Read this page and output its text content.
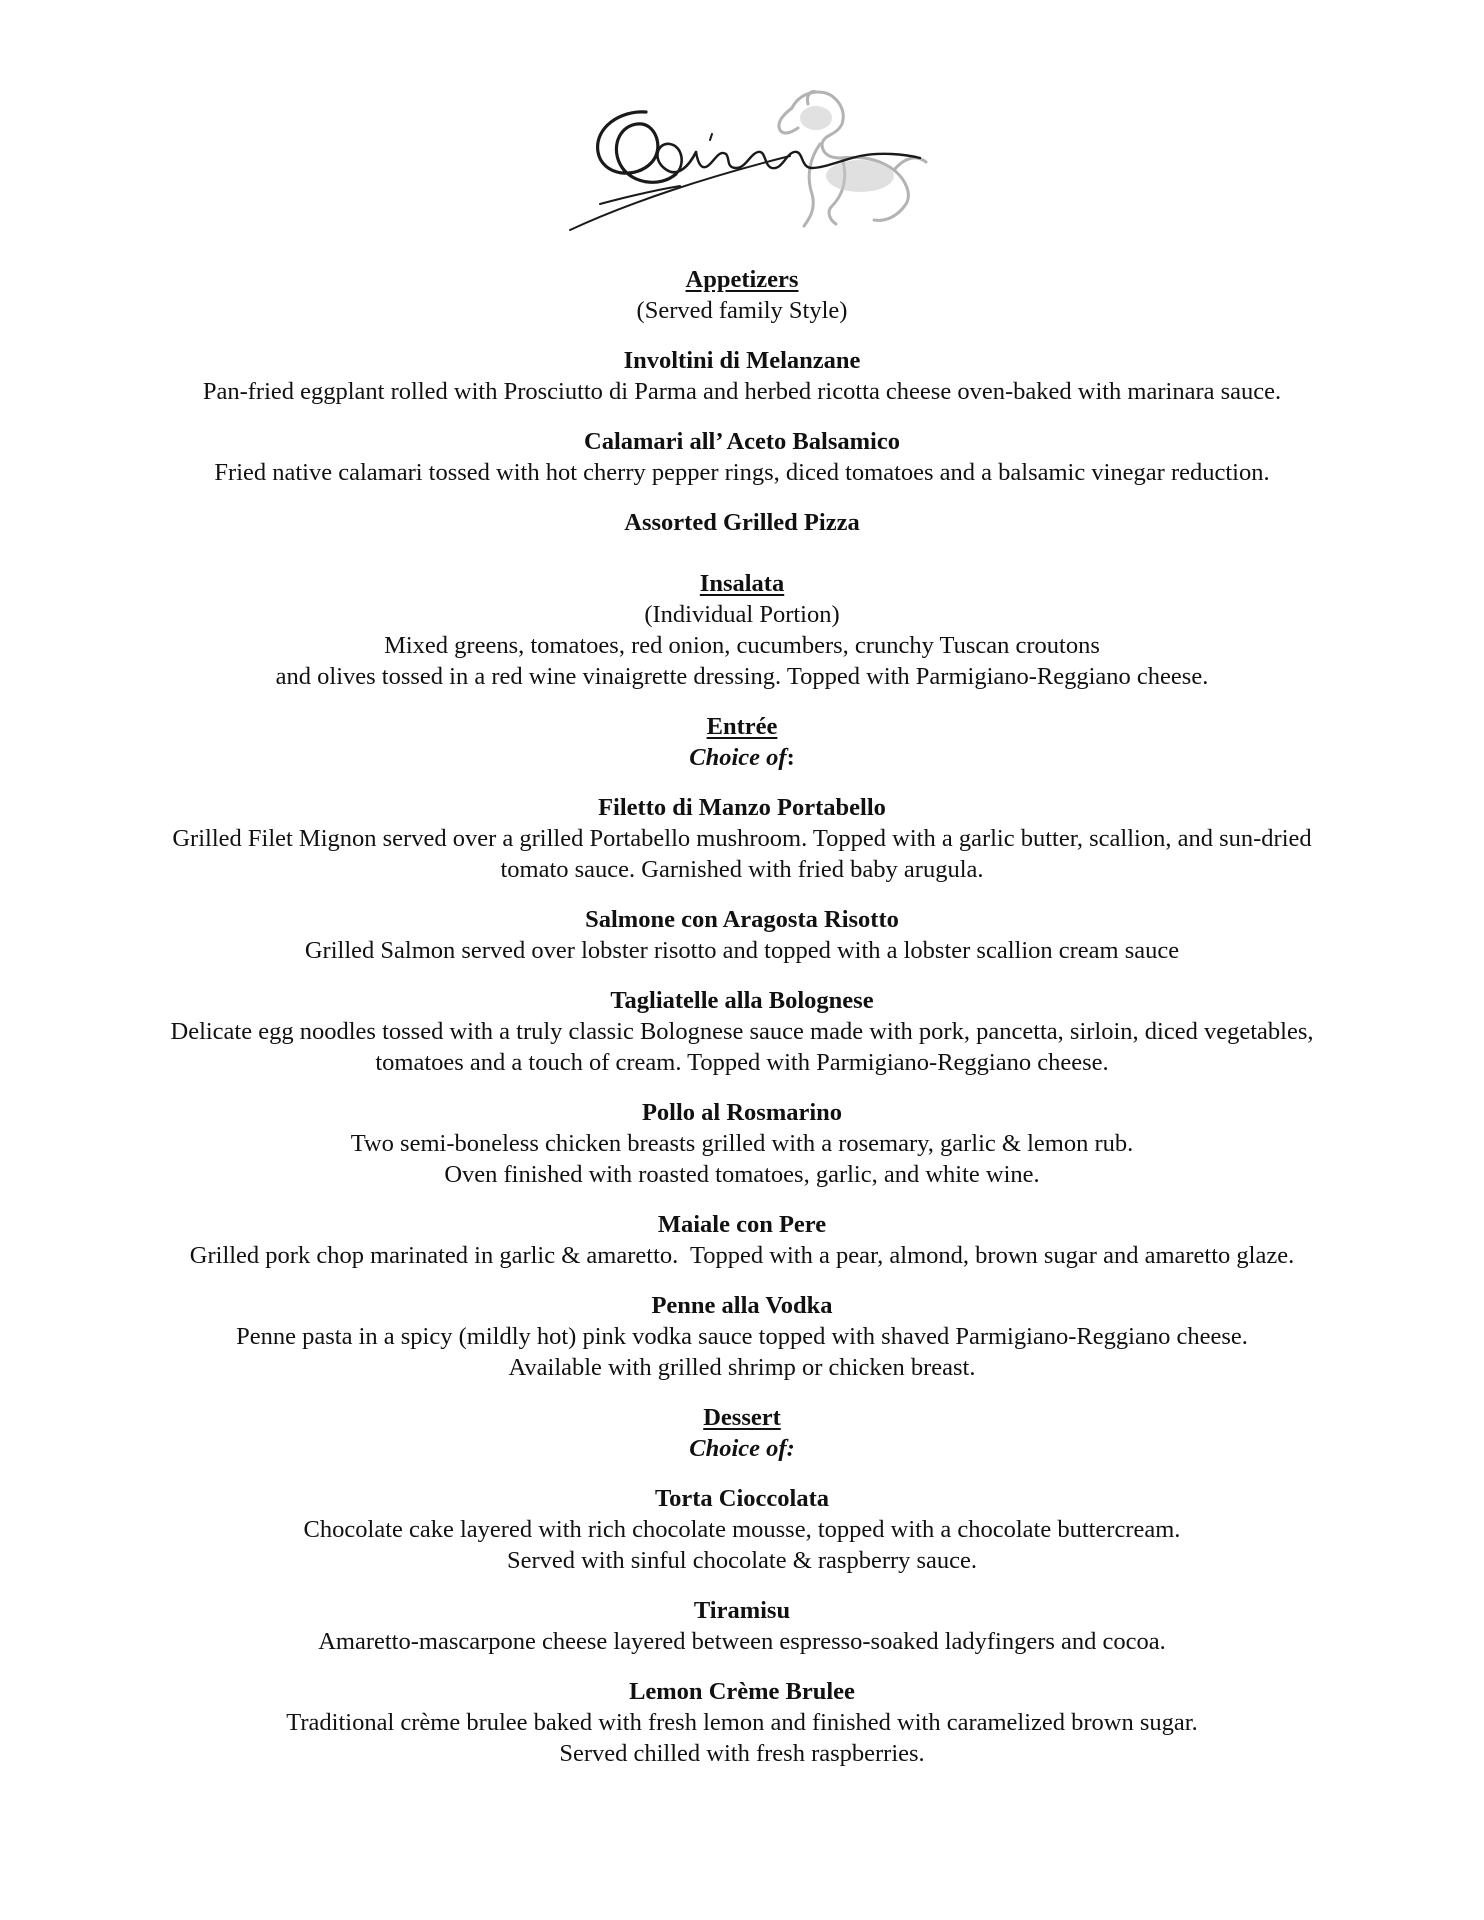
Appetizers
(Served family Style)
Involtini di Melanzane
Pan-fried eggplant rolled with Prosciutto di Parma and herbed ricotta cheese oven-baked with marinara sauce.
Calamari all’ Aceto Balsamico
Fried native calamari tossed with hot cherry pepper rings, diced tomatoes and a balsamic vinegar reduction.
Assorted Grilled Pizza
Insalata
(Individual Portion)
Mixed greens, tomatoes, red onion, cucumbers, crunchy Tuscan croutons
and olives tossed in a red wine vinaigrette dressing. Topped with Parmigiano-Reggiano cheese.
Entrée
Choice of:
Filetto di Manzo Portabello
Grilled Filet Mignon served over a grilled Portabello mushroom. Topped with a garlic butter, scallion, and sun-dried
tomato sauce. Garnished with fried baby arugula.
Salmone con Aragosta Risotto
Grilled Salmon served over lobster risotto and topped with a lobster scallion cream sauce
Tagliatelle alla Bolognese
Delicate egg noodles tossed with a truly classic Bolognese sauce made with pork, pancetta, sirloin, diced vegetables,
tomatoes and a touch of cream. Topped with Parmigiano-Reggiano cheese.
Pollo al Rosmarino
Two semi-boneless chicken breasts grilled with a rosemary, garlic & lemon rub.
Oven finished with roasted tomatoes, garlic, and white wine.
Maiale con Pere
Grilled pork chop marinated in garlic & amaretto.  Topped with a pear, almond, brown sugar and amaretto glaze.
Penne alla Vodka
Penne pasta in a spicy (mildly hot) pink vodka sauce topped with shaved Parmigiano-Reggiano cheese.
Available with grilled shrimp or chicken breast.
Dessert
Choice of:
Torta Cioccolata
Chocolate cake layered with rich chocolate mousse, topped with a chocolate buttercream.
Served with sinful chocolate & raspberry sauce.
Tiramisu
Amaretto-mascarpone cheese layered between espresso-soaked ladyfingers and cocoa.
Lemon Crème Brulee
Traditional crème brulee baked with fresh lemon and finished with caramelized brown sugar.
Served chilled with fresh raspberries.
